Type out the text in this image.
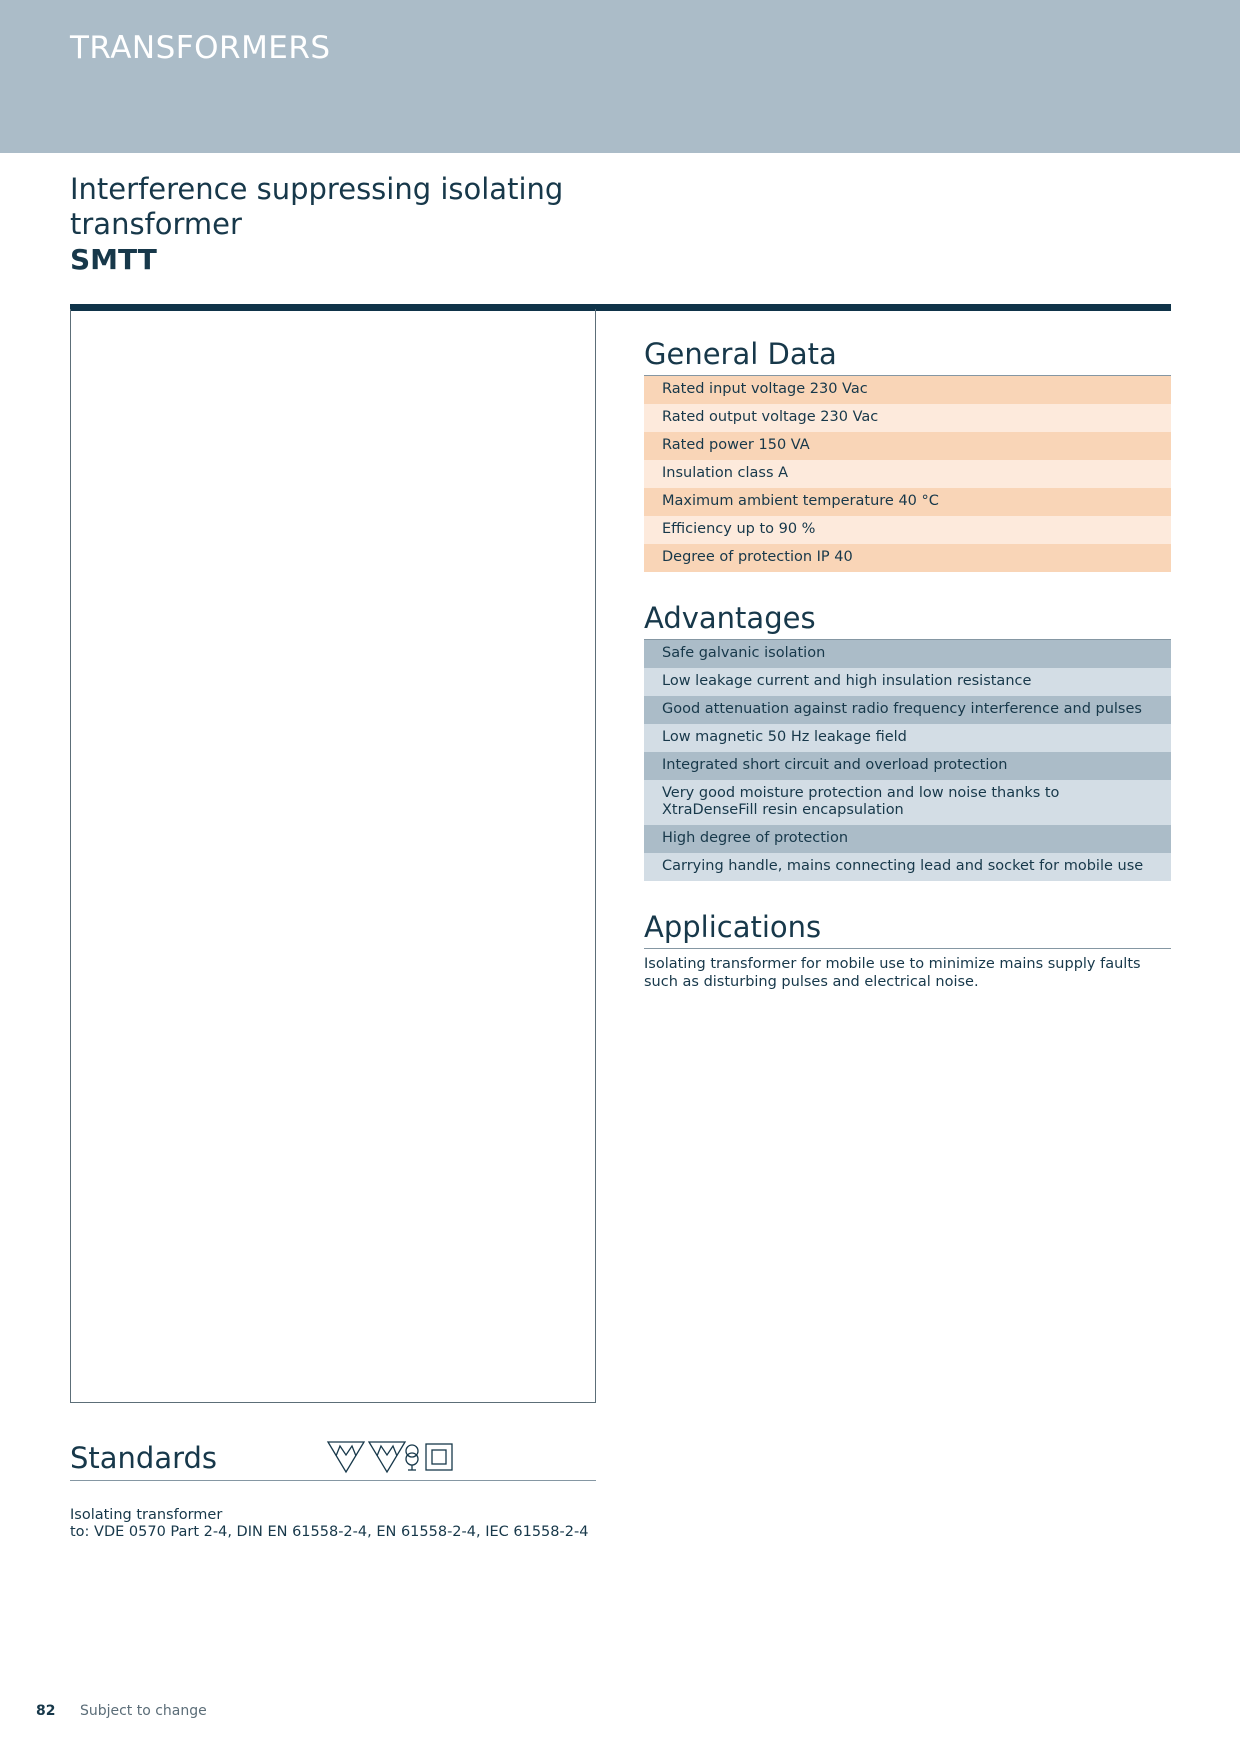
TRANSFORMERS

Interference suppressing isolating

transformer

SMTT

General Data
Rated input voltage 230 Vac
Rated output voltage 230 Vac
Rated power 150 VA
Insulation class A
Maximum ambient temperature 40 °C
Efficiency up to 90 %
Degree of protection IP 40
Advantages
Safe galvanic isolation
Low leakage current and high insulation resistance
Good attenuation against radio frequency interference and pulses
Low magnetic 50 Hz leakage field
Integrated short circuit and overload protection
Very good moisture protection and low noise thanks to XtraDenseFill resin encapsulation
High degree of protection
Carrying handle, mains connecting lead and socket for mobile use
Applications

Isolating transformer for mobile use to minimize mains supply faults such as disturbing pulses and electrical noise.

Standards

Isolating transformer
to: VDE 0570 Part 2-4, DIN EN 61558-2-4, EN 61558-2-4, IEC 61558-2-4

82 Subject to change
